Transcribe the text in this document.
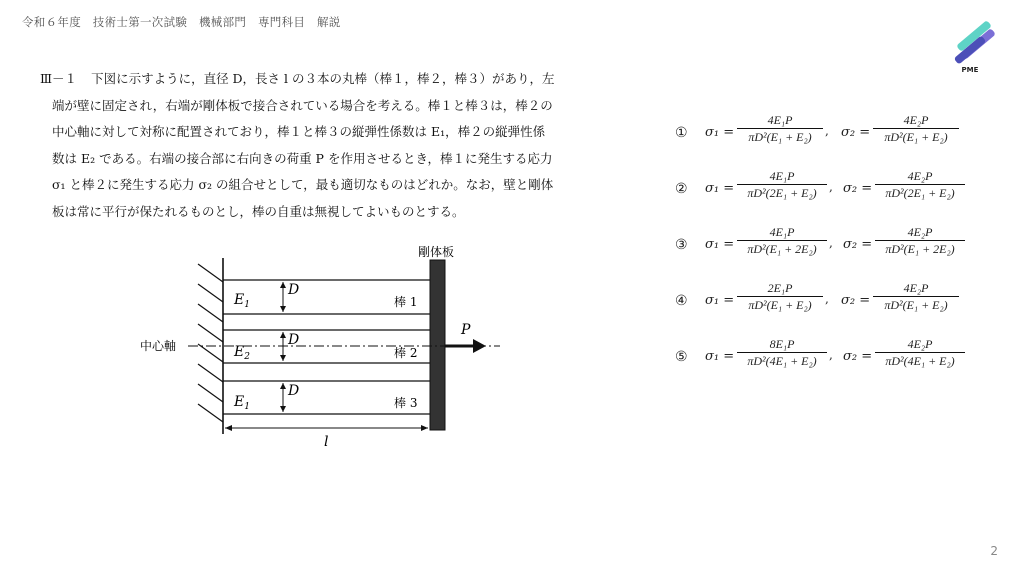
令和６年度　技術士第一次試験　機械部門　専門科目　解説
PME
Ⅲ－１ 下図に示すように，直径 D，長さ l の３本の丸棒（棒１，棒２，棒３）があり，左
端が壁に固定され，右端が剛体板で接合されている場合を考える。棒１と棒３は，棒２の
中心軸に対して対称に配置されており，棒１と棒３の縦弾性係数は E₁，棒２の縦弾性係
数は E₂ である。右端の接合部に右向きの荷重 P を作用させるとき，棒１に発生する応力
σ₁ と棒２に発生する応力 σ₂ の組合せとして，最も適切なものはどれか。なお，壁と剛体
板は常に平行が保たれるものとし，棒の自重は無視してよいものとする。
剛体板
中心軸
P
D
D
D
$E_1$
$E_2$
$E_1$
棒 1
棒 2
棒 3
l
① $\sigma_1 = \frac{\text{4E₁P}}{\text{πD²(E₁ + E₂)}}$ , $\sigma_2 = \frac{\text{4E₂P}}{\text{πD²(E₁ + E₂)}}$
② $\sigma_1 = \frac{\text{4E₁P}}{\text{πD²(2E₁ + E₂)}}$ , $\sigma_2 = \frac{\text{4E₂P}}{\text{πD²(2E₁ + E₂)}}$
③ $\sigma_1 = \frac{\text{4E₁P}}{\text{πD²(E₁ + 2E₂)}}$ , $\sigma_2 = \frac{\text{4E₂P}}{\text{πD²(E₁ + 2E₂)}}$
④ $\sigma_1 = \frac{\text{2E₁P}}{\text{πD²(E₁ + E₂)}}$ , $\sigma_2 = \frac{\text{4E₂P}}{\text{πD²(E₁ + E₂)}}$
⑤ $\sigma_1 = \frac{\text{8E₁P}}{\text{πD²(4E₁ + E₂)}}$ , $\sigma_2 = \frac{\text{4E₂P}}{\text{πD²(4E₁ + E₂)}}$
2
